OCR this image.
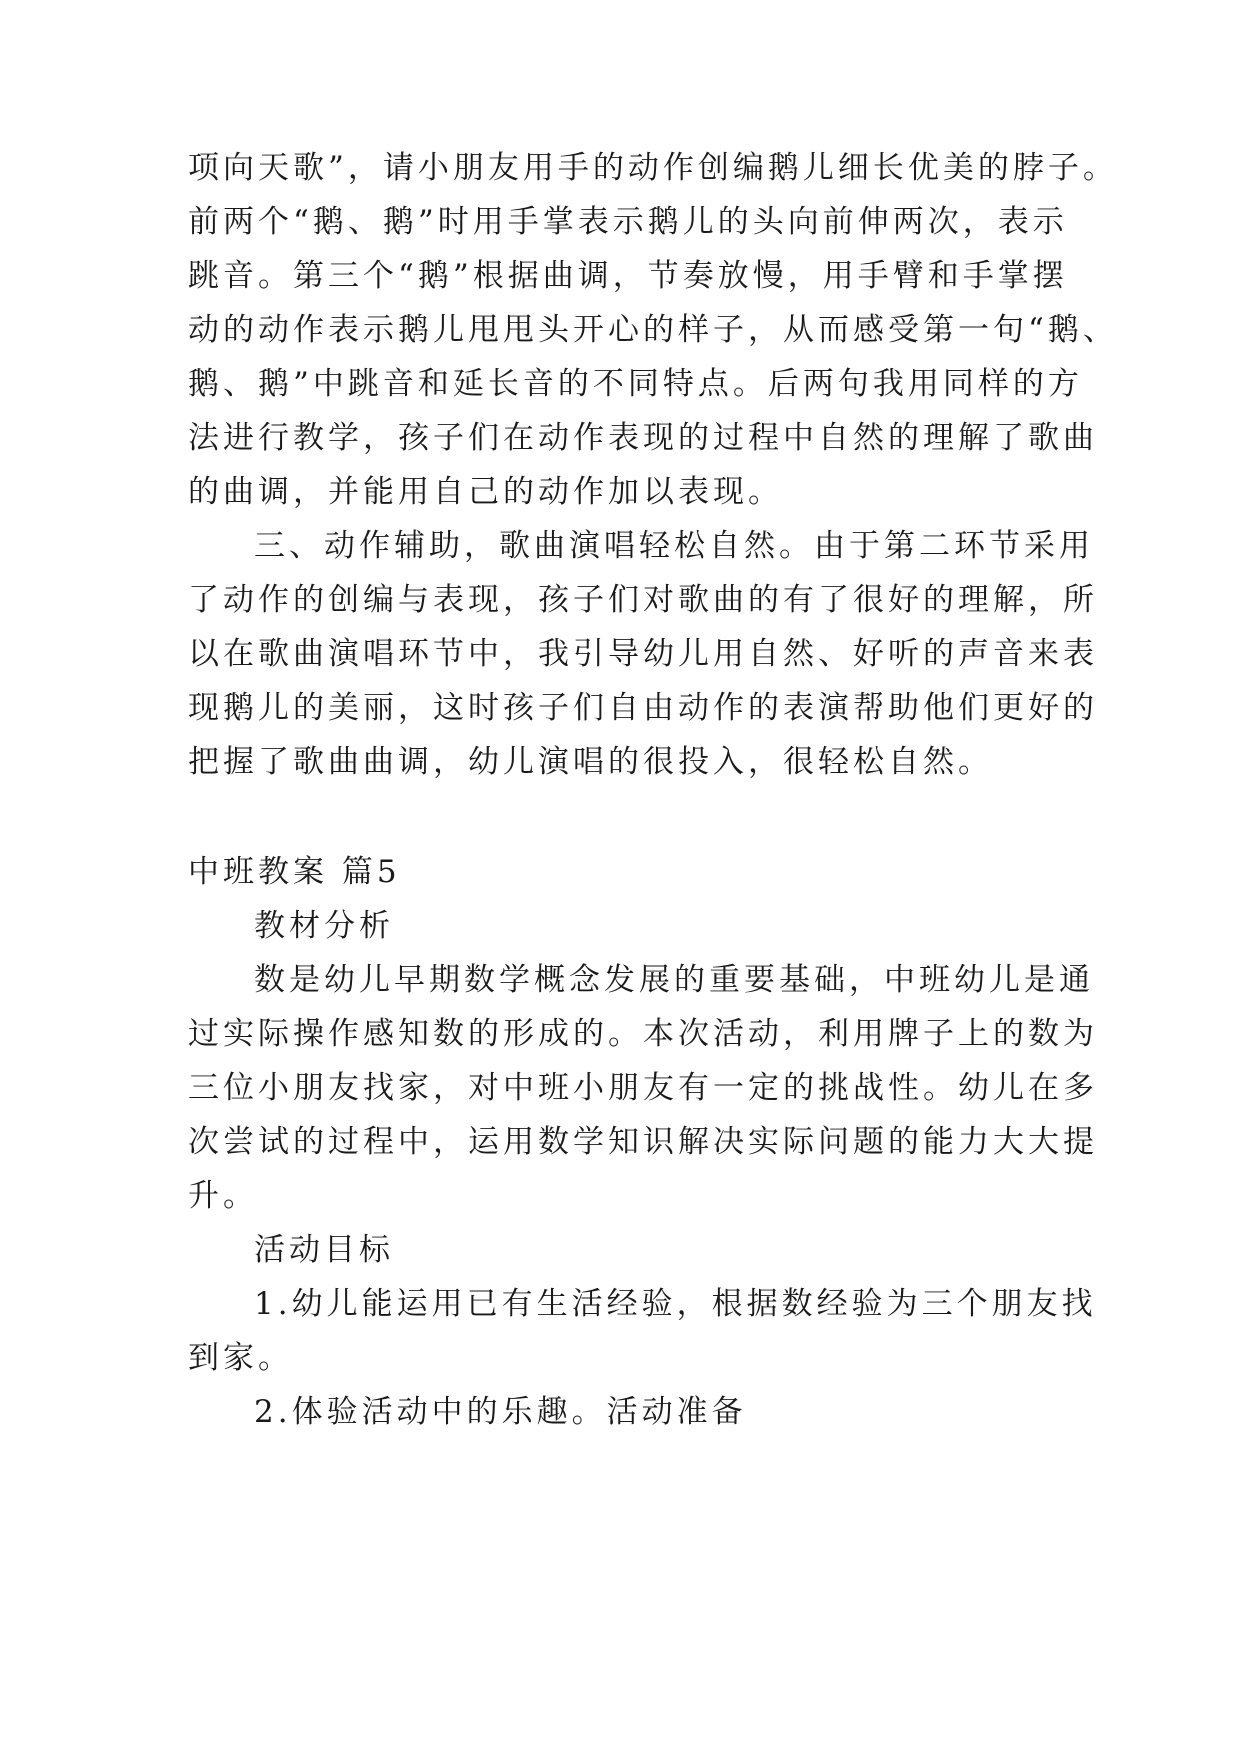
项向天歌”，请小朋友用手的动作创编鹅儿细长优美的脖子。
前两个“鹅、鹅”时用手掌表示鹅儿的头向前伸两次，表示
跳音。第三个“鹅”根据曲调，节奏放慢，用手臂和手掌摆
动的动作表示鹅儿甩甩头开心的样子，从而感受第一句“鹅、
鹅、鹅”中跳音和延长音的不同特点。后两句我用同样的方
法进行教学，孩子们在动作表现的过程中自然的理解了歌曲
的曲调，并能用自己的动作加以表现。
三、动作辅助，歌曲演唱轻松自然。由于第二环节采用
了动作的创编与表现，孩子们对歌曲的有了很好的理解，所
以在歌曲演唱环节中，我引导幼儿用自然、好听的声音来表
现鹅儿的美丽，这时孩子们自由动作的表演帮助他们更好的
把握了歌曲曲调，幼儿演唱的很投入，很轻松自然。
中班教案 篇5
教材分析
数是幼儿早期数学概念发展的重要基础，中班幼儿是通
过实际操作感知数的形成的。本次活动，利用牌子上的数为
三位小朋友找家，对中班小朋友有一定的挑战性。幼儿在多
次尝试的过程中，运用数学知识解决实际问题的能力大大提
升。
活动目标
1.幼儿能运用已有生活经验，根据数经验为三个朋友找
到家。
2.体验活动中的乐趣。活动准备
